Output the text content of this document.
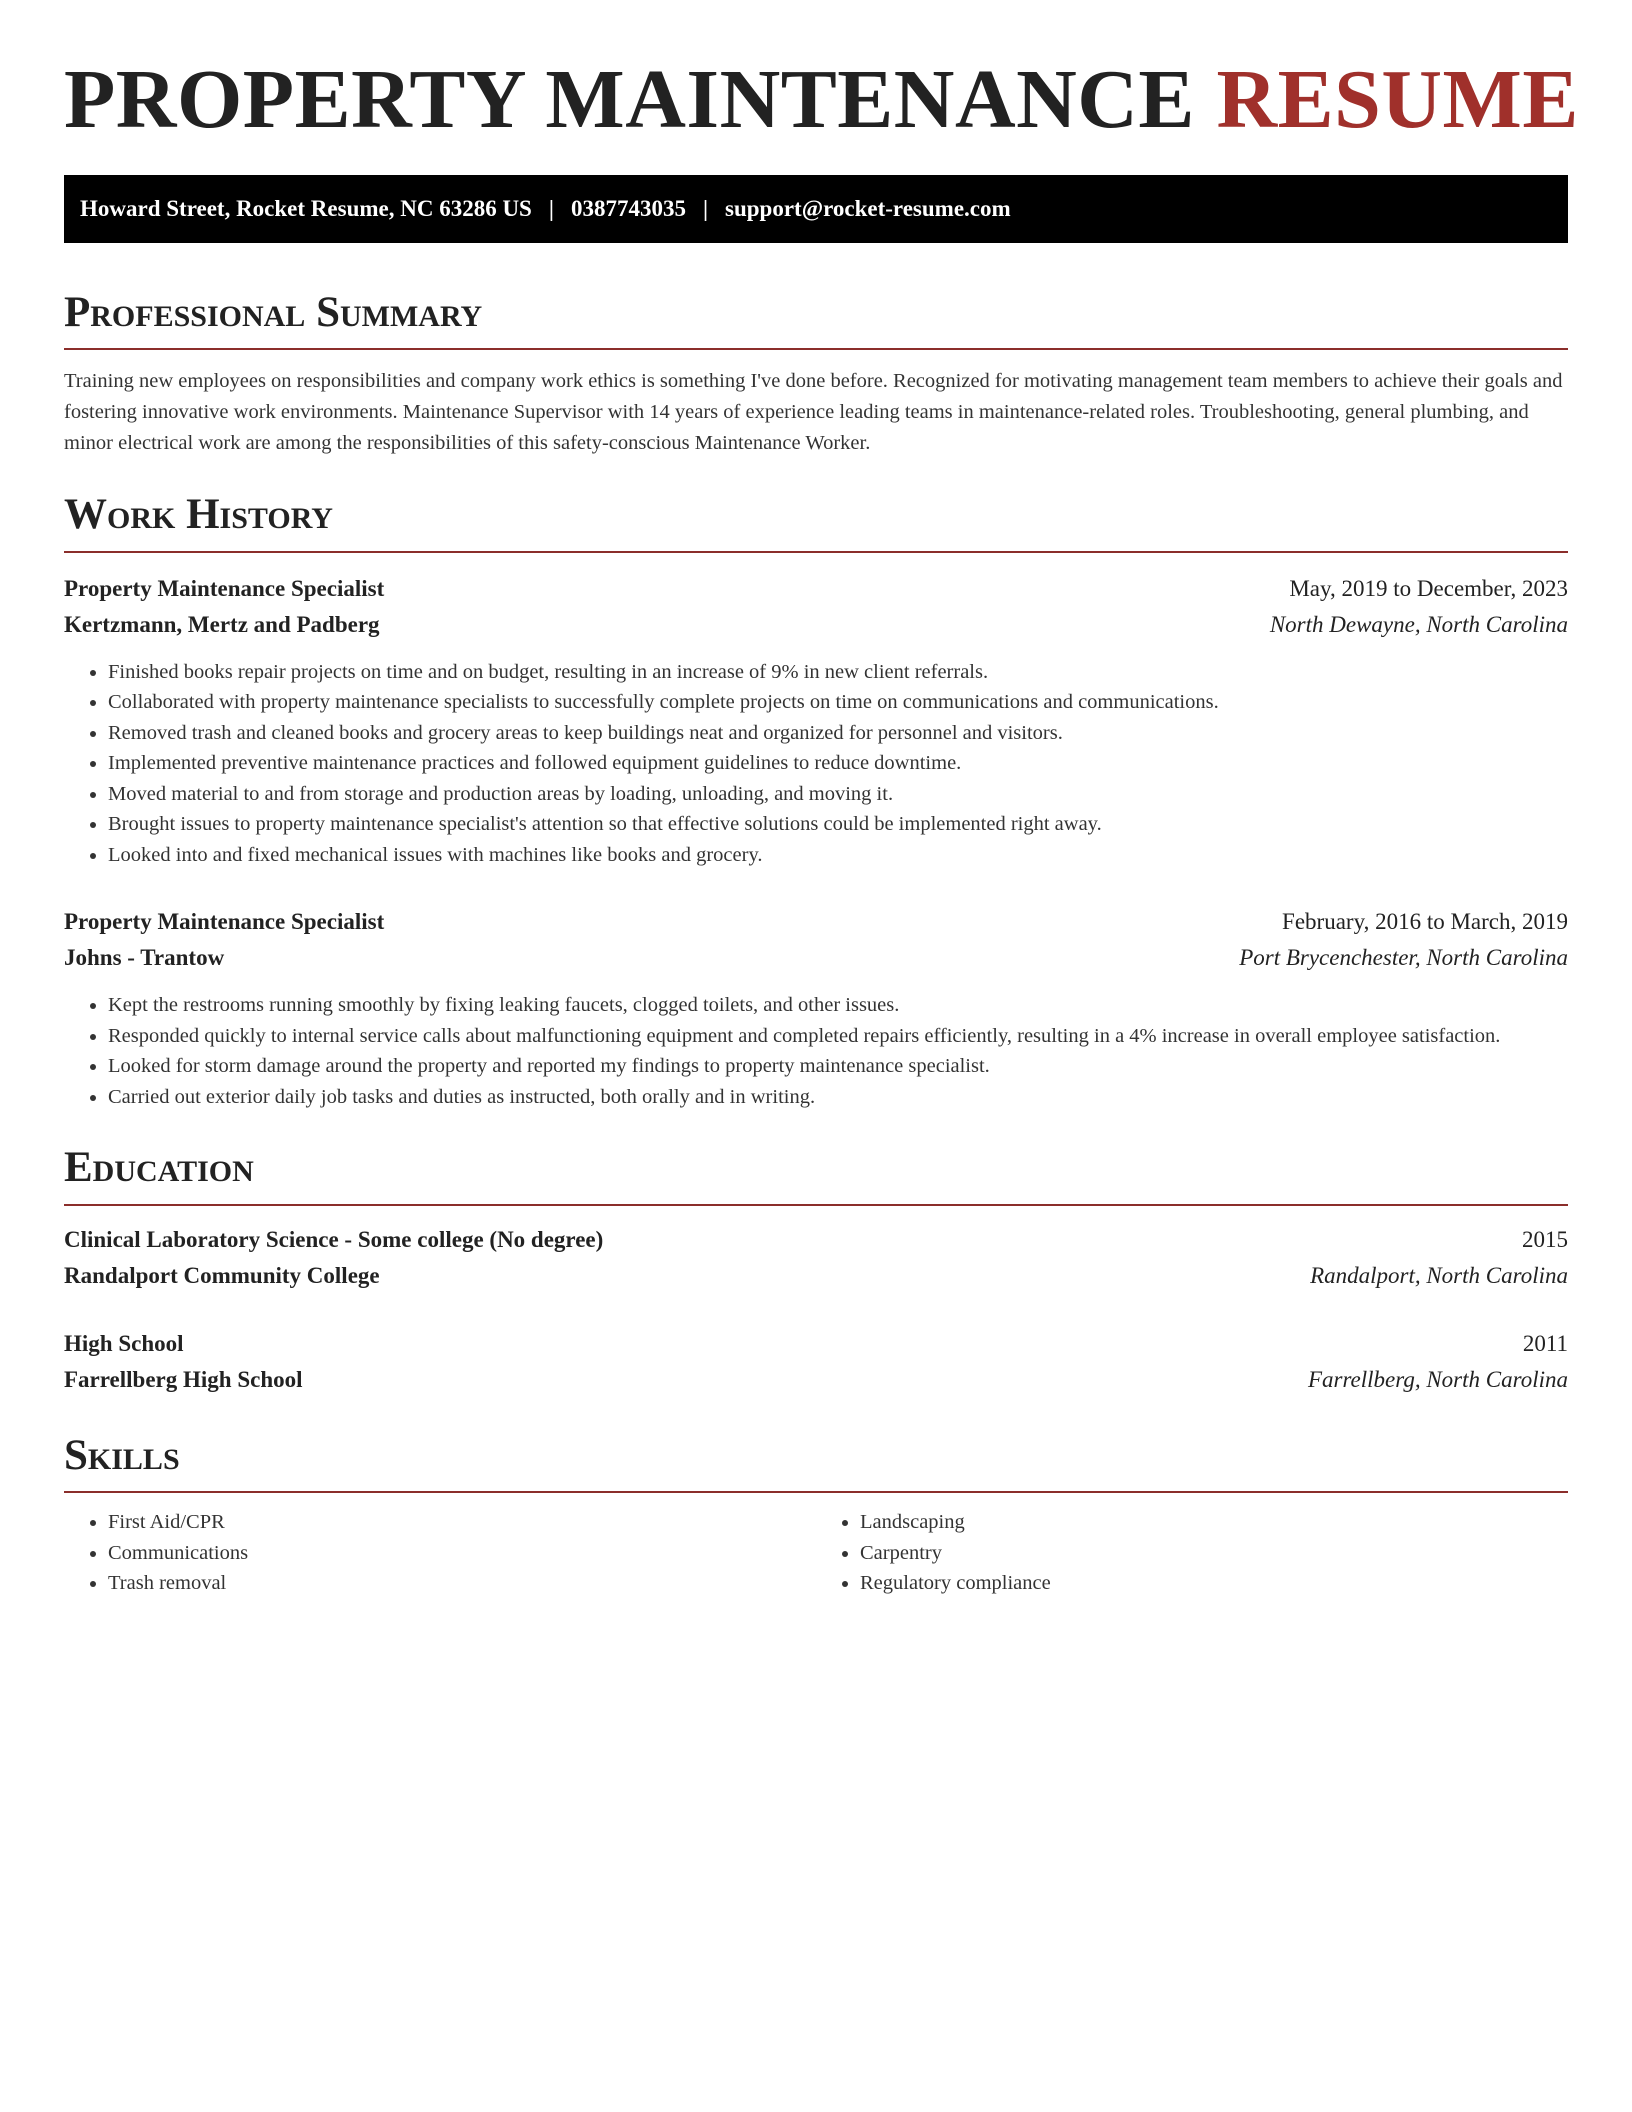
PROPERTY MAINTENANCE RESUME
Howard Street, Rocket Resume, NC 63286 US | 0387743035 | support@rocket-resume.com
Professional Summary

Training new employees on responsibilities and company work ethics is something I've done before. Recognized for motivating management team members to achieve their goals and fostering innovative work environments. Maintenance Supervisor with 14 years of experience leading teams in maintenance-related roles. Troubleshooting, general plumbing, and minor electrical work are among the responsibilities of this safety-conscious Maintenance Worker.

Work History
Property Maintenance Specialist	May, 2019 to December, 2023
Kertzmann, Mertz and Padberg	North Dewayne, North Carolina
• Finished books repair projects on time and on budget, resulting in an increase of 9% in new client referrals.
• Collaborated with property maintenance specialists to successfully complete projects on time on communications and communications.
• Removed trash and cleaned books and grocery areas to keep buildings neat and organized for personnel and visitors.
• Implemented preventive maintenance practices and followed equipment guidelines to reduce downtime.
• Moved material to and from storage and production areas by loading, unloading, and moving it.
• Brought issues to property maintenance specialist's attention so that effective solutions could be implemented right away.
• Looked into and fixed mechanical issues with machines like books and grocery.
Property Maintenance Specialist	February, 2016 to March, 2019
Johns - Trantow	Port Brycenchester, North Carolina
• Kept the restrooms running smoothly by fixing leaking faucets, clogged toilets, and other issues.
• Responded quickly to internal service calls about malfunctioning equipment and completed repairs efficiently, resulting in a 4% increase in overall employee satisfaction.
• Looked for storm damage around the property and reported my findings to property maintenance specialist.
• Carried out exterior daily job tasks and duties as instructed, both orally and in writing.
Education
Clinical Laboratory Science - Some college (No degree)	2015
Randalport Community College	Randalport, North Carolina
High School	2011
Farrellberg High School	Farrellberg, North Carolina
Skills
• First Aid/CPR
• Communications
• Trash removal
• Landscaping
• Carpentry
• Regulatory compliance
